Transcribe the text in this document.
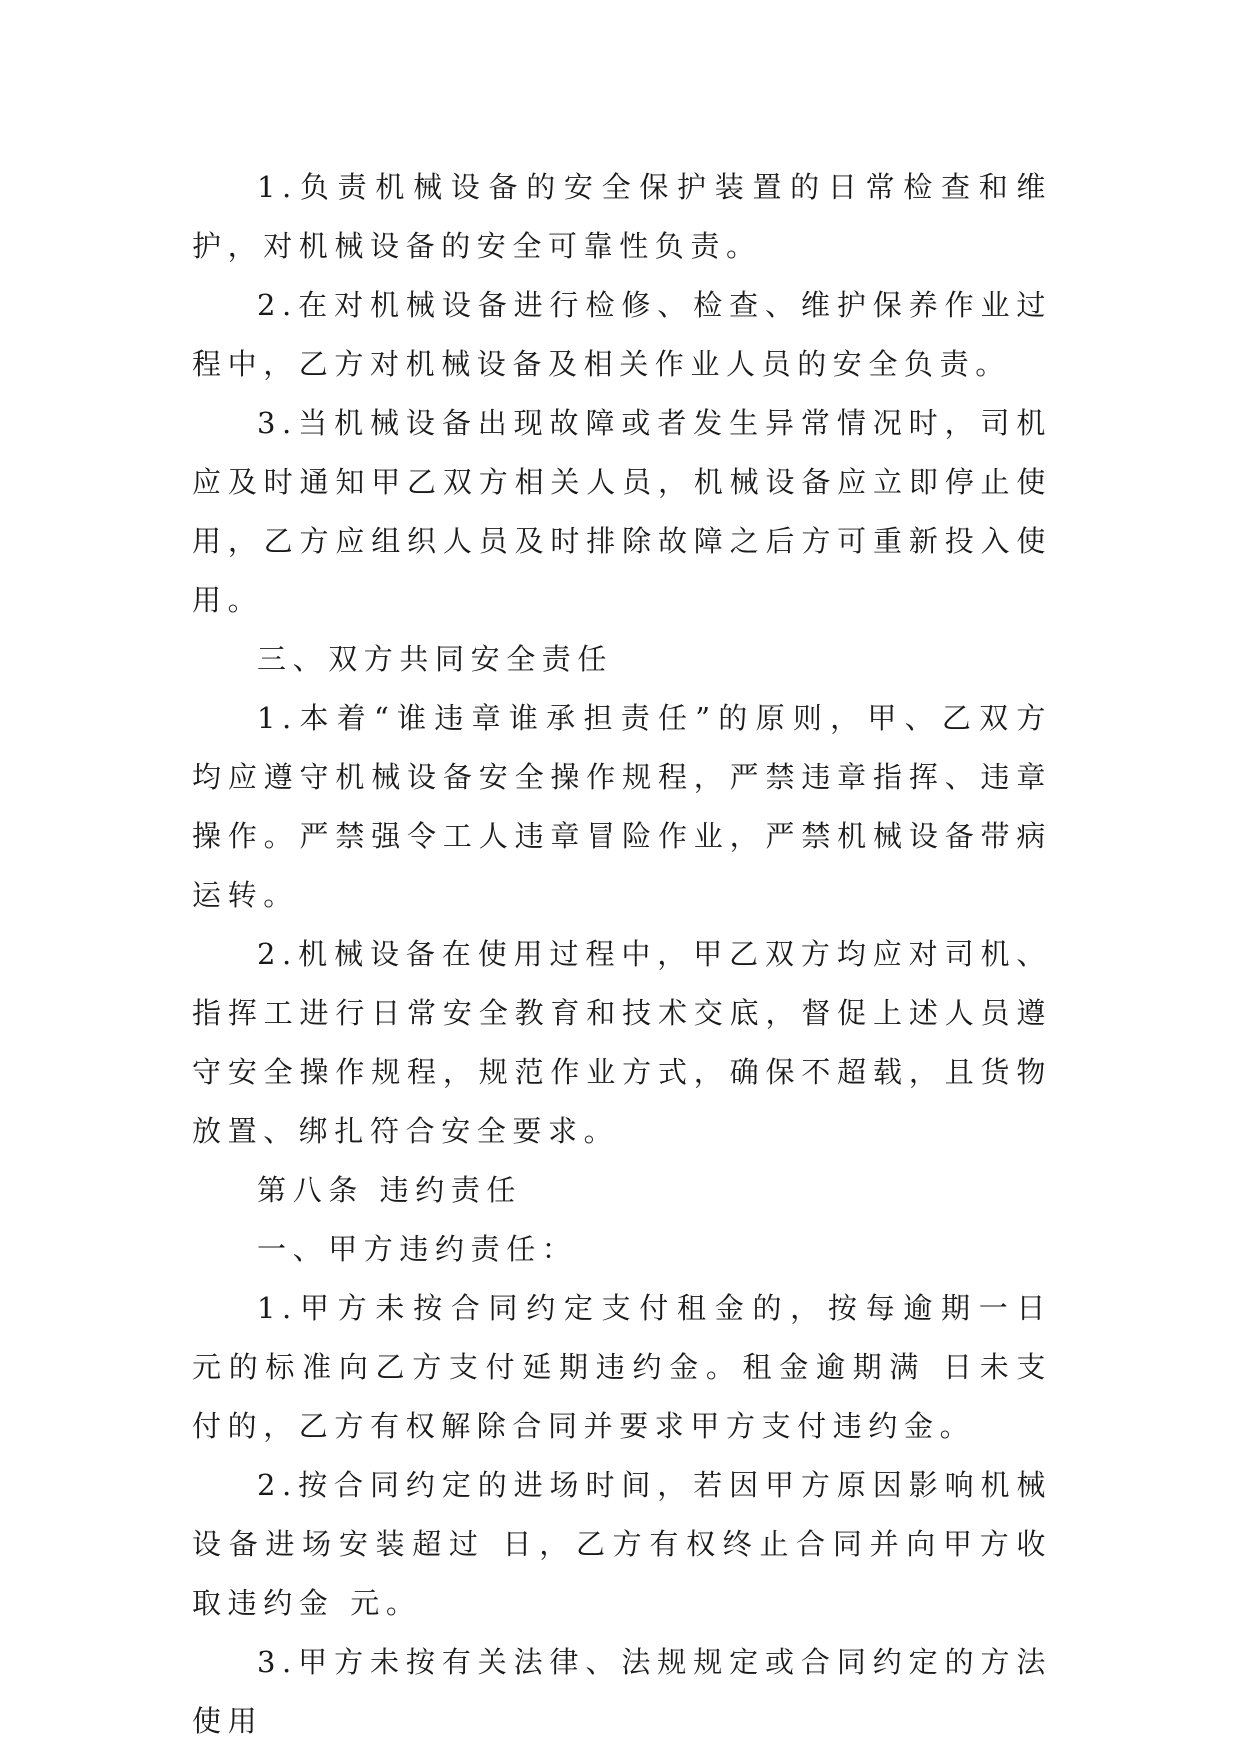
1.负责机械设备的安全保护装置的日常检查和维护，对机械设备的安全可靠性负责。

2.在对机械设备进行检修、检查、维护保养作业过程中，乙方对机械设备及相关作业人员的安全负责。

3.当机械设备出现故障或者发生异常情况时，司机应及时通知甲乙双方相关人员，机械设备应立即停止使用，乙方应组织人员及时排除故障之后方可重新投入使用。

三、双方共同安全责任

1.本着“谁违章谁承担责任”的原则，甲、乙双方均应遵守机械设备安全操作规程，严禁违章指挥、违章操作。严禁强令工人违章冒险作业，严禁机械设备带病运转。

2.机械设备在使用过程中，甲乙双方均应对司机、指挥工进行日常安全教育和技术交底，督促上述人员遵守安全操作规程，规范作业方式，确保不超载，且货物放置、绑扎符合安全要求。

第八条 违约责任

一、甲方违约责任：

1.甲方未按合同约定支付租金的，按每逾期一日 元的标准向乙方支付延期违约金。租金逾期满 日未支付的，乙方有权解除合同并要求甲方支付违约金。

2.按合同约定的进场时间，若因甲方原因影响机械设备进场安装超过 日，乙方有权终止合同并向甲方收取违约金 元。

3.甲方未按有关法律、法规规定或合同约定的方法使用
